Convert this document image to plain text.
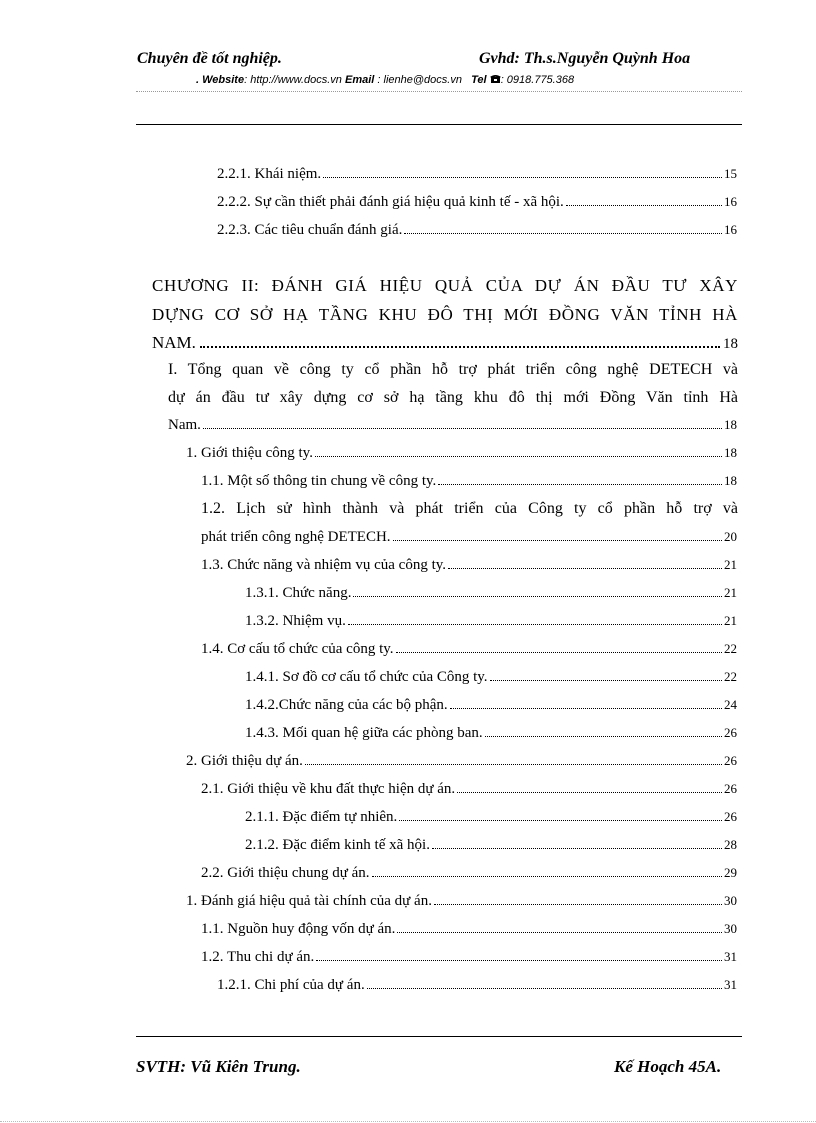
Chuyên đề tốt nghiệp.	Gvhd: Th.s.Nguyễn Quỳnh Hoa
. Website: http://www.docs.vn Email : lienhe@docs.vn Tel : 0918.775.368
2.2.1. Khái niệm.	15
2.2.2. Sự cần thiết phải đánh giá hiệu quả kinh tế - xã hội.	16
2.2.3. Các tiêu chuẩn đánh giá.	16
CHƯƠNG II: ĐÁNH GIÁ HIỆU QUẢ CỦA DỰ ÁN ĐẦU TƯ XÂY
DỰNG CƠ SỞ HẠ TẦNG KHU ĐÔ THỊ MỚI ĐỒNG VĂN TỈNH HÀ
NAM.	18
I. Tổng quan về công ty cổ phần hỗ trợ phát triển công nghệ DETECH và
dự án đầu tư xây dựng cơ sở hạ tầng khu đô thị mới Đồng Văn tỉnh Hà
Nam.	18
1. Giới thiệu công ty.	18
1.1. Một số thông tin chung về công ty.	18
1.2. Lịch sử hình thành và phát triển của Công ty cổ phần hỗ trợ và
phát triển công nghệ DETECH.	20
1.3. Chức năng và nhiệm vụ của công ty.	21
1.3.1. Chức năng.	21
1.3.2. Nhiệm vụ.	21
1.4. Cơ cấu tổ chức của công ty.	22
1.4.1. Sơ đồ cơ cấu tổ chức của Công ty.	22
1.4.2.Chức năng của các bộ phận.	24
1.4.3. Mối quan hệ giữa các phòng ban.	26
2. Giới thiệu dự án.	26
2.1. Giới thiệu về khu đất thực hiện dự án.	26
2.1.1. Đặc điểm tự nhiên.	26
2.1.2. Đặc điểm kinh tế xã hội.	28
2.2. Giới thiệu chung dự án.	29
1. Đánh giá hiệu quả tài chính của dự án.	30
1.1. Nguồn huy động vốn dự án.	30
1.2. Thu chi dự án.	31
1.2.1. Chi phí của dự án.	31
SVTH: Vũ Kiên Trung.	Kế Hoạch 45A.
